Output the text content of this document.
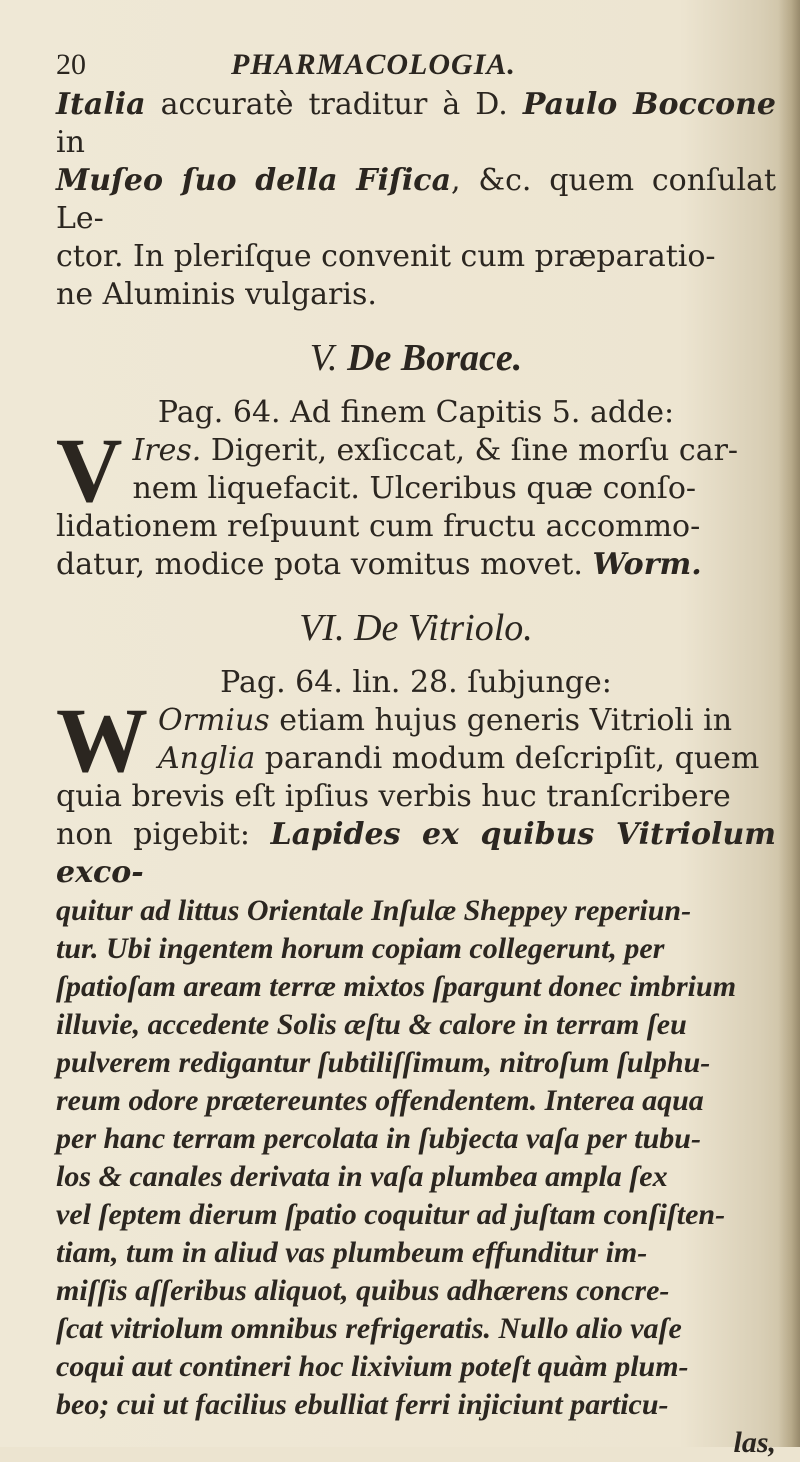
20	PHARMACOLOGIA.

Italia accuratè traditur à D. Paulo Boccone in

Muſeo ſuo della Fiſica, &c. quem conſulat Le-

ctor. In pleriſque convenit cum præparatio-

ne Aluminis vulgaris.

V. De Borace.

Pag. 64. Ad finem Capitis 5. adde:

V Ires. Digerit, exſiccat, & ſine morſu car-

nem liquefacit. Ulceribus quæ conſo-

lidationem reſpuunt cum fructu accommo-

datur, modice pota vomitus movet. Worm.

VI. De Vitriolo.

Pag. 64. lin. 28. ſubjunge:

W Ormius etiam hujus generis Vitrioli in

Anglia parandi modum deſcripſit, quem

quia brevis eſt ipſius verbis huc tranſcribere

non pigebit: Lapides ex quibus Vitriolum exco-

quitur ad littus Orientale Inſulæ Sheppey reperiun-

tur. Ubi ingentem horum copiam collegerunt, per

ſpatioſam aream terræ mixtos ſpargunt donec imbrium

illuvie, accedente Solis æſtu & calore in terram ſeu

pulverem redigantur ſubtiliſſimum, nitroſum ſulphu-

reum odore prætereuntes offendentem. Interea aqua

per hanc terram percolata in ſubjecta vaſa per tubu-

los & canales derivata in vaſa plumbea ampla ſex

vel ſeptem dierum ſpatio coquitur ad juſtam conſiſten-

tiam, tum in aliud vas plumbeum effunditur im-

miſſis aſſeribus aliquot, quibus adhærens concre-

ſcat vitriolum omnibus refrigeratis. Nullo alio vaſe

coqui aut contineri hoc lixivium poteſt quàm plum-

beo; cui ut facilius ebulliat ferri injiciunt particu-

las,
